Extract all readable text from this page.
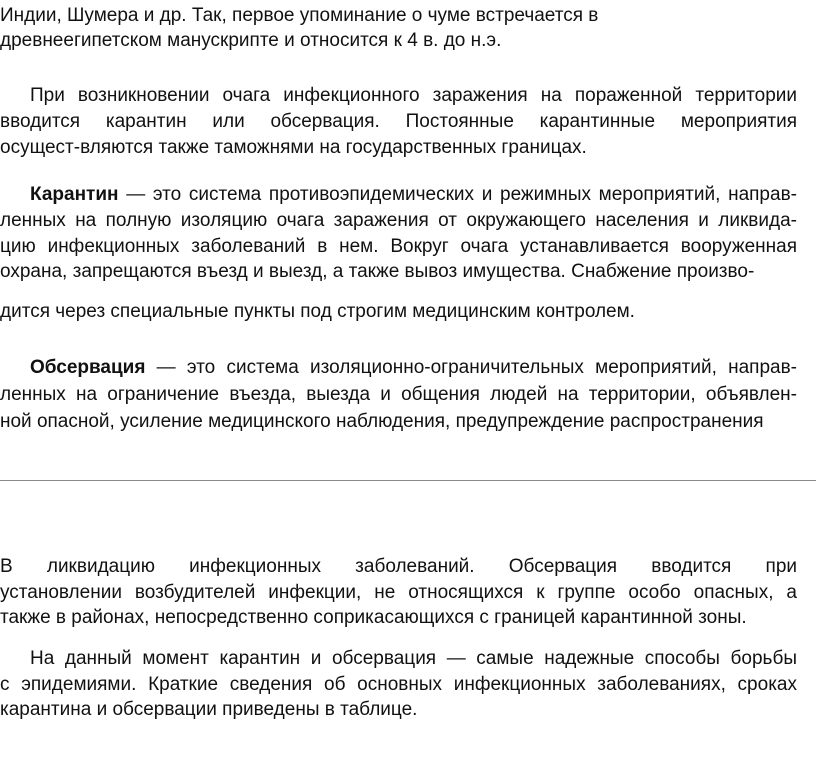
Индии, Шумера и др. Так, первое упоминание о чуме встречается в
древнеегипетском манускрипте и относится к 4 в. до н.э.
При возникновении очага инфекционного заражения на пораженной территории
вводится карантин или обсервация. Постоянные карантинные мероприятия
осущест-вляются также таможнями на государственных границах.
Карантин — это система противоэпидемических и режимных мероприятий, направ-
ленных на полную изоляцию очага заражения от окружающего населения и ликвида-
цию инфекционных заболеваний в нем. Вокруг очага устанавливается вооруженная
охрана, запрещаются въезд и выезд, а также вывоз имущества. Снабжение произво-
дится через специальные пункты под строгим медицинским контролем.
Обсервация — это система изоляционно-ограничительных мероприятий, направ-
ленных на ограничение въезда, выезда и общения людей на территории, объявлен-
ной опасной, усиление медицинского наблюдения, предупреждение распространения
В ликвидацию инфекционных заболеваний. Обсервация вводится при
установлении возбудителей инфекции, не относящихся к группе особо опасных, а
также в районах, непосредственно соприкасающихся с границей карантинной зоны.
На данный момент карантин и обсервация — самые надежные способы борьбы
с эпидемиями. Краткие сведения об основных инфекционных заболеваниях, сроках
карантина и обсервации приведены в таблице.
